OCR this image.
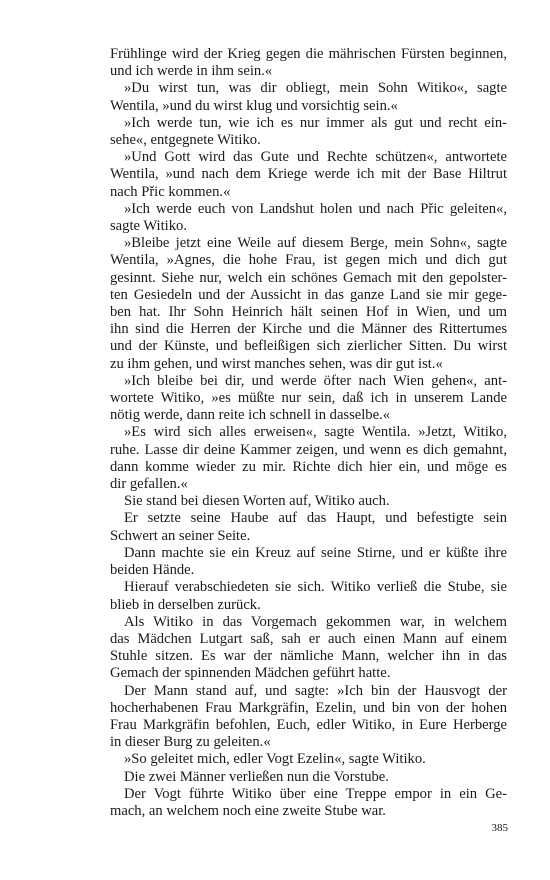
Frühlinge wird der Krieg gegen die mährischen Fürsten beginnen,
und ich werde in ihm sein.«
»Du wirst tun, was dir obliegt, mein Sohn Witiko«, sagte
Wentila, »und du wirst klug und vorsichtig sein.«
»Ich werde tun, wie ich es nur immer als gut und recht ein-
sehe«, entgegnete Witiko.
»Und Gott wird das Gute und Rechte schützen«, antwortete
Wentila, »und nach dem Kriege werde ich mit der Base Hiltrut
nach Přic kommen.«
»Ich werde euch von Landshut holen und nach Přic geleiten«,
sagte Witiko.
»Bleibe jetzt eine Weile auf diesem Berge, mein Sohn«, sagte
Wentila, »Agnes, die hohe Frau, ist gegen mich und dich gut
gesinnt. Siehe nur, welch ein schönes Gemach mit den gepolster-
ten Gesiedeln und der Aussicht in das ganze Land sie mir gege-
ben hat. Ihr Sohn Heinrich hält seinen Hof in Wien, und um
ihn sind die Herren der Kirche und die Männer des Rittertumes
und der Künste, und befleißigen sich zierlicher Sitten. Du wirst
zu ihm gehen, und wirst manches sehen, was dir gut ist.«
»Ich bleibe bei dir, und werde öfter nach Wien gehen«, ant-
wortete Witiko, »es müßte nur sein, daß ich in unserem Lande
nötig werde, dann reite ich schnell in dasselbe.«
»Es wird sich alles erweisen«, sagte Wentila. »Jetzt, Witiko,
ruhe. Lasse dir deine Kammer zeigen, und wenn es dich gemahnt,
dann komme wieder zu mir. Richte dich hier ein, und möge es
dir gefallen.«
Sie stand bei diesen Worten auf, Witiko auch.
Er setzte seine Haube auf das Haupt, und befestigte sein
Schwert an seiner Seite.
Dann machte sie ein Kreuz auf seine Stirne, und er küßte ihre
beiden Hände.
Hierauf verabschiedeten sie sich. Witiko verließ die Stube, sie
blieb in derselben zurück.
Als Witiko in das Vorgemach gekommen war, in welchem
das Mädchen Lutgart saß, sah er auch einen Mann auf einem
Stuhle sitzen. Es war der nämliche Mann, welcher ihn in das
Gemach der spinnenden Mädchen geführt hatte.
Der Mann stand auf, und sagte: »Ich bin der Hausvogt der
hocherhabenen Frau Markgräfin, Ezelin, und bin von der hohen
Frau Markgräfin befohlen, Euch, edler Witiko, in Eure Herberge
in dieser Burg zu geleiten.«
»So geleitet mich, edler Vogt Ezelin«, sagte Witiko.
Die zwei Männer verließen nun die Vorstube.
Der Vogt führte Witiko über eine Treppe empor in ein Ge-
mach, an welchem noch eine zweite Stube war.
385
